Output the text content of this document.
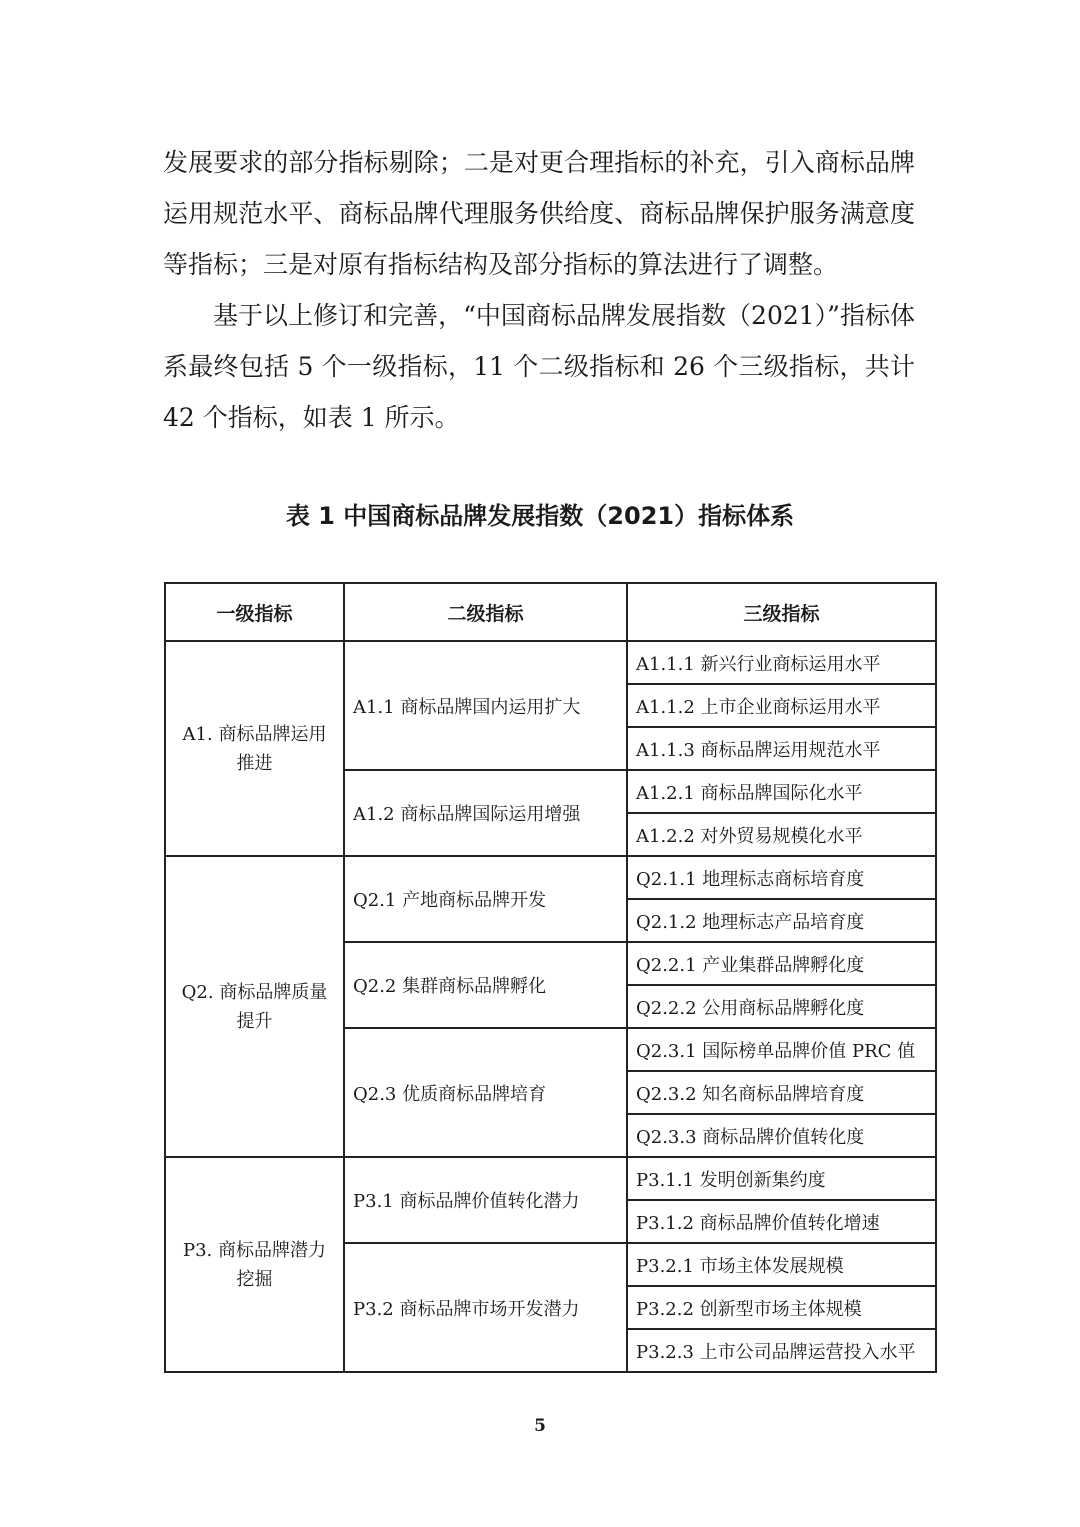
发展要求的部分指标剔除；二是对更合理指标的补充，引入商标品牌运用规范水平、商标品牌代理服务供给度、商标品牌保护服务满意度等指标；三是对原有指标结构及部分指标的算法进行了调整。

基于以上修订和完善，“中国商标品牌发展指数（2021）”指标体系最终包括 5 个一级指标，11 个二级指标和 26 个三级指标，共计 42 个指标，如表 1 所示。

表 1 中国商标品牌发展指数（2021）指标体系

一级指标	二级指标	三级指标
A1. 商标品牌运用推进	A1.1 商标品牌国内运用扩大	A1.1.1 新兴行业商标运用水平
		A1.1.2 上市企业商标运用水平
		A1.1.3 商标品牌运用规范水平
	A1.2 商标品牌国际运用增强	A1.2.1 商标品牌国际化水平
		A1.2.2 对外贸易规模化水平
Q2. 商标品牌质量提升	Q2.1 产地商标品牌开发	Q2.1.1 地理标志商标培育度
		Q2.1.2 地理标志产品培育度
	Q2.2 集群商标品牌孵化	Q2.2.1 产业集群品牌孵化度
		Q2.2.2 公用商标品牌孵化度
	Q2.3 优质商标品牌培育	Q2.3.1 国际榜单品牌价值 PRC 值
		Q2.3.2 知名商标品牌培育度
		Q2.3.3 商标品牌价值转化度
P3. 商标品牌潜力挖掘	P3.1 商标品牌价值转化潜力	P3.1.1 发明创新集约度
		P3.1.2 商标品牌价值转化增速
	P3.2 商标品牌市场开发潜力	P3.2.1 市场主体发展规模
		P3.2.2 创新型市场主体规模
		P3.2.3 上市公司品牌运营投入水平
5
